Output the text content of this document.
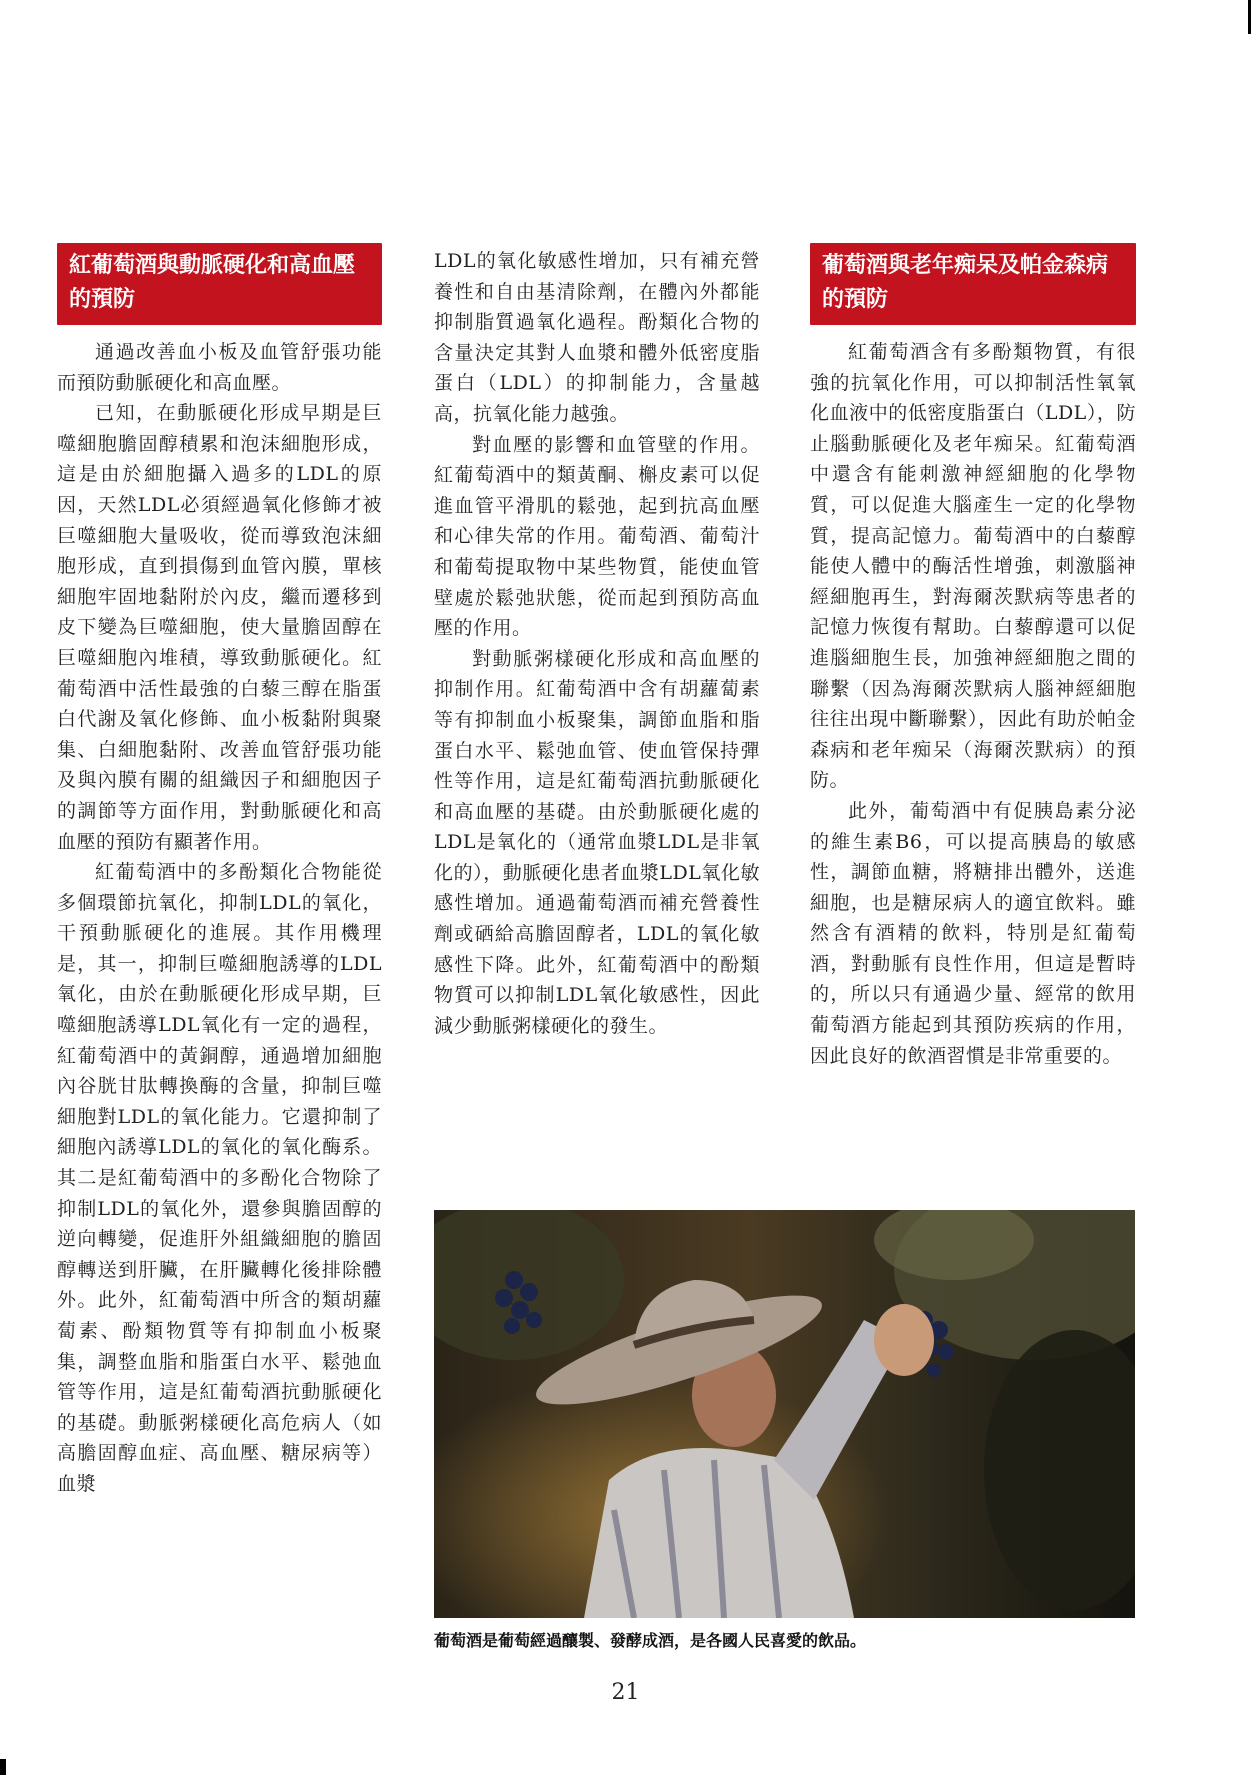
紅葡萄酒與動脈硬化和高血壓的預防

通過改善血小板及血管舒張功能而預防動脈硬化和高血壓。

已知，在動脈硬化形成早期是巨噬細胞膽固醇積累和泡沫細胞形成，這是由於細胞攝入過多的LDL的原因，天然LDL必須經過氧化修飾才被巨噬細胞大量吸收，從而導致泡沫細胞形成，直到損傷到血管內膜，單核細胞牢固地黏附於內皮，繼而遷移到皮下變為巨噬細胞，使大量膽固醇在巨噬細胞內堆積，導致動脈硬化。紅葡萄酒中活性最強的白藜三醇在脂蛋白代謝及氧化修飾、血小板黏附與聚集、白細胞黏附、改善血管舒張功能及與內膜有關的組織因子和細胞因子的調節等方面作用，對動脈硬化和高血壓的預防有顯著作用。

紅葡萄酒中的多酚類化合物能從多個環節抗氧化，抑制LDL的氧化，干預動脈硬化的進展。其作用機理是，其一，抑制巨噬細胞誘導的LDL氧化，由於在動脈硬化形成早期，巨噬細胞誘導LDL氧化有一定的過程，紅葡萄酒中的黃銅醇，通過增加細胞內谷胱甘肽轉換酶的含量，抑制巨噬細胞對LDL的氧化能力。它還抑制了細胞內誘導LDL的氧化的氧化酶系。其二是紅葡萄酒中的多酚化合物除了抑制LDL的氧化外，還參與膽固醇的逆向轉變，促進肝外組織細胞的膽固醇轉送到肝臟，在肝臟轉化後排除體外。此外，紅葡萄酒中所含的類胡蘿蔔素、酚類物質等有抑制血小板聚集，調整血脂和脂蛋白水平、鬆弛血管等作用，這是紅葡萄酒抗動脈硬化的基礎。動脈粥樣硬化高危病人（如高膽固醇血症、高血壓、糖尿病等）血漿

LDL的氧化敏感性增加，只有補充營養性和自由基清除劑，在體內外都能抑制脂質過氧化過程。酚類化合物的含量決定其對人血漿和體外低密度脂蛋白（LDL）的抑制能力，含量越高，抗氧化能力越強。

對血壓的影響和血管壁的作用。紅葡萄酒中的類黃酮、槲皮素可以促進血管平滑肌的鬆弛，起到抗高血壓和心律失常的作用。葡萄酒、葡萄汁和葡萄提取物中某些物質，能使血管壁處於鬆弛狀態，從而起到預防高血壓的作用。

對動脈粥樣硬化形成和高血壓的抑制作用。紅葡萄酒中含有胡蘿蔔素等有抑制血小板聚集，調節血脂和脂蛋白水平、鬆弛血管、使血管保持彈性等作用，這是紅葡萄酒抗動脈硬化和高血壓的基礎。由於動脈硬化處的LDL是氧化的（通常血漿LDL是非氧化的），動脈硬化患者血漿LDL氧化敏感性增加。通過葡萄酒而補充營養性劑或硒給高膽固醇者，LDL的氧化敏感性下降。此外，紅葡萄酒中的酚類物質可以抑制LDL氧化敏感性，因此減少動脈粥樣硬化的發生。

葡萄酒與老年痴呆及帕金森病的預防

紅葡萄酒含有多酚類物質，有很強的抗氧化作用，可以抑制活性氧氧化血液中的低密度脂蛋白（LDL），防止腦動脈硬化及老年痴呆。紅葡萄酒中還含有能刺激神經細胞的化學物質，可以促進大腦產生一定的化學物質，提高記憶力。葡萄酒中的白藜醇能使人體中的酶活性增強，刺激腦神經細胞再生，對海爾茨默病等患者的記憶力恢復有幫助。白藜醇還可以促進腦細胞生長，加強神經細胞之間的聯繫（因為海爾茨默病人腦神經細胞往往出現中斷聯繫），因此有助於帕金森病和老年痴呆（海爾茨默病）的預防。

此外，葡萄酒中有促胰島素分泌的維生素B6，可以提高胰島的敏感性，調節血糖，將糖排出體外，送進細胞，也是糖尿病人的適宜飲料。雖然含有酒精的飲料，特別是紅葡萄酒，對動脈有良性作用，但這是暫時的，所以只有通過少量、經常的飲用葡萄酒方能起到其預防疾病的作用，因此良好的飲酒習慣是非常重要的。

葡萄酒是葡萄經過釀製、發酵成酒，是各國人民喜愛的飲品。
21
